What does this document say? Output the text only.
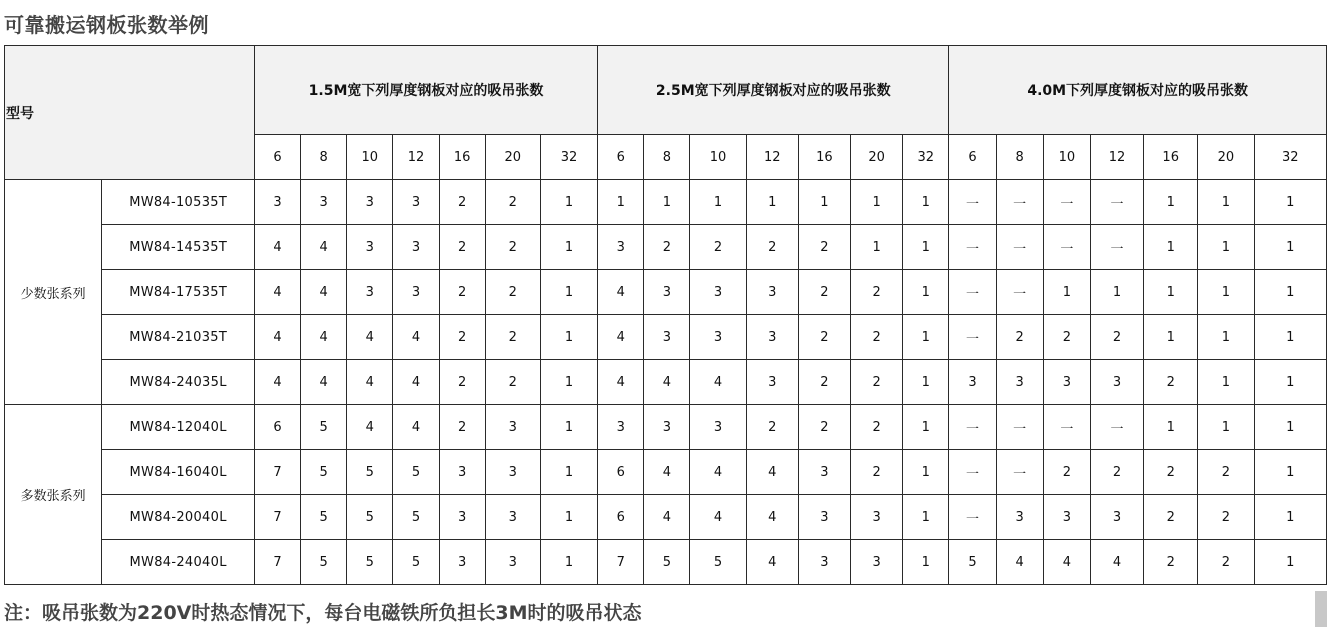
可靠搬运钢板张数举例
型号		1.5M宽下列厚度钢板对应的吸吊张数							2.5M宽下列厚度钢板对应的吸吊张数							4.0M下列厚度钢板对应的吸吊张数						
		6	8	10	12	16	20	32	6	8	10	12	16	20	32	6	8	10	12	16	20	32
少数张系列	MW84-10535T	3	3	3	3	2	2	1	1	1	1	1	1	1	1	一	一	一	一	1	1	1
	MW84-14535T	4	4	3	3	2	2	1	3	2	2	2	2	1	1	一	一	一	一	1	1	1
	MW84-17535T	4	4	3	3	2	2	1	4	3	3	3	2	2	1	一	一	1	1	1	1	1
	MW84-21035T	4	4	4	4	2	2	1	4	3	3	3	2	2	1	一	2	2	2	1	1	1
	MW84-24035L	4	4	4	4	2	2	1	4	4	4	3	2	2	1	3	3	3	3	2	1	1
多数张系列	MW84-12040L	6	5	4	4	2	3	1	3	3	3	2	2	2	1	一	一	一	一	1	1	1
	MW84-16040L	7	5	5	5	3	3	1	6	4	4	4	3	2	1	一	一	2	2	2	2	1
	MW84-20040L	7	5	5	5	3	3	1	6	4	4	4	3	3	1	一	3	3	3	2	2	1
	MW84-24040L	7	5	5	5	3	3	1	7	5	5	4	3	3	1	5	4	4	4	2	2	1
注：吸吊张数为220V时热态情况下，每台电磁铁所负担长3M时的吸吊状态
